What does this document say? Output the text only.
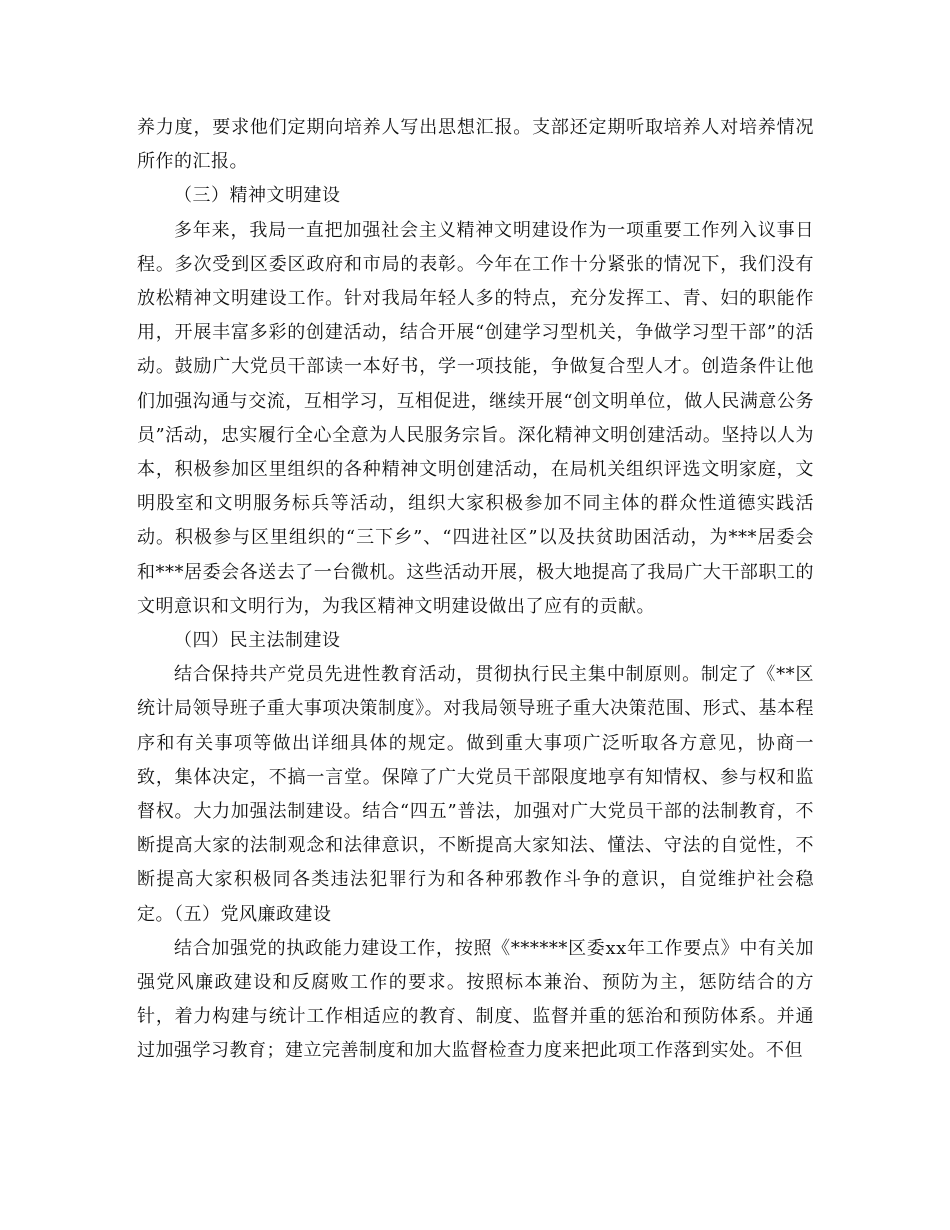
养力度，要求他们定期向培养人写出思想汇报。支部还定期听取培养人对培养情况所作的汇报。

（三）精神文明建设

多年来，我局一直把加强社会主义精神文明建设作为一项重要工作列入议事日程。多次受到区委区政府和市局的表彰。今年在工作十分紧张的情况下，我们没有放松精神文明建设工作。针对我局年轻人多的特点，充分发挥工、青、妇的职能作用，开展丰富多彩的创建活动，结合开展“创建学习型机关，争做学习型干部”的活动。鼓励广大党员干部读一本好书，学一项技能，争做复合型人才。创造条件让他们加强沟通与交流，互相学习，互相促进，继续开展“创文明单位，做人民满意公务员”活动，忠实履行全心全意为人民服务宗旨。深化精神文明创建活动。坚持以人为本，积极参加区里组织的各种精神文明创建活动，在局机关组织评选文明家庭，文明股室和文明服务标兵等活动，组织大家积极参加不同主体的群众性道德实践活动。积极参与区里组织的“三下乡”、“四进社区”以及扶贫助困活动，为***居委会和***居委会各送去了一台微机。这些活动开展，极大地提高了我局广大干部职工的文明意识和文明行为，为我区精神文明建设做出了应有的贡献。

（四）民主法制建设

结合保持共产党员先进性教育活动，贯彻执行民主集中制原则。制定了《**区统计局领导班子重大事项决策制度》。对我局领导班子重大决策范围、形式、基本程序和有关事项等做出详细具体的规定。做到重大事项广泛听取各方意见，协商一致，集体决定，不搞一言堂。保障了广大党员干部限度地享有知情权、参与权和监督权。大力加强法制建设。结合“四五”普法，加强对广大党员干部的法制教育，不断提高大家的法制观念和法律意识，不断提高大家知法、懂法、守法的自觉性，不断提高大家积极同各类违法犯罪行为和各种邪教作斗争的意识，自觉维护社会稳定。（五）党风廉政建设

结合加强党的执政能力建设工作，按照《******区委xx年工作要点》中有关加强党风廉政建设和反腐败工作的要求。按照标本兼治、预防为主，惩防结合的方针，着力构建与统计工作相适应的教育、制度、监督并重的惩治和预防体系。并通过加强学习教育；建立完善制度和加大监督检查力度来把此项工作落到实处。不但
